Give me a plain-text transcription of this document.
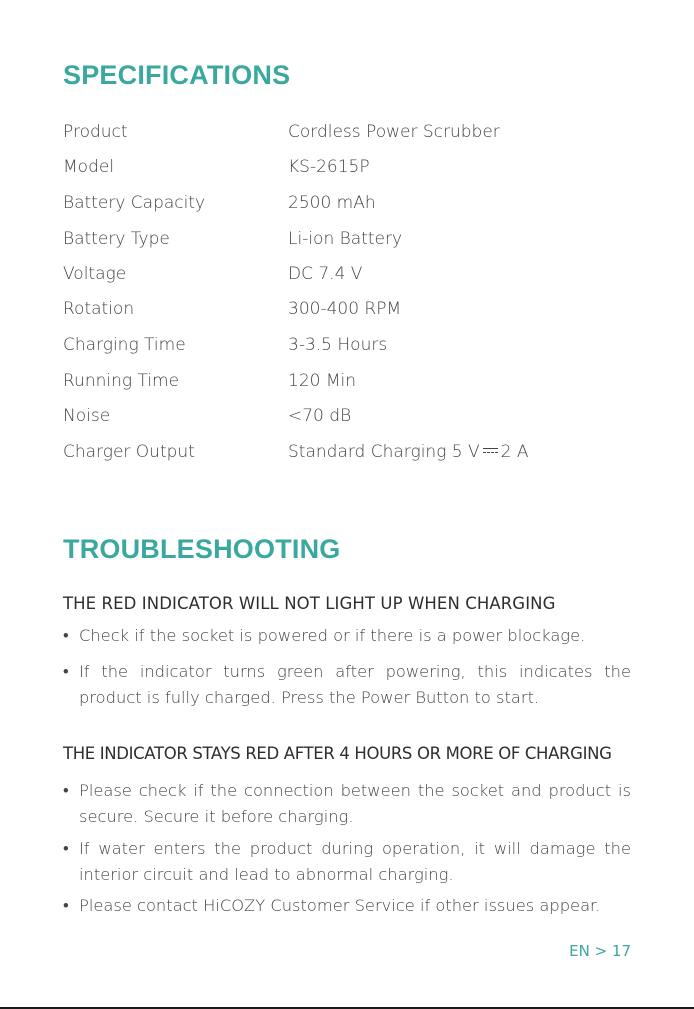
SPECIFICATIONS
Product	Cordless Power Scrubber
Model	KS-2615P
Battery Capacity	2500 mAh
Battery Type	Li-ion Battery
Voltage	DC 7.4 V
Rotation	300-400 RPM
Charging Time	3-3.5 Hours
Running Time	120 Min
Noise	<70 dB
Charger Output	Standard Charging 5 V 2 A
TROUBLESHOOTING
THE RED INDICATOR WILL NOT LIGHT UP WHEN CHARGING
• Check if the socket is powered or if there is a power blockage.
• If the indicator turns green after powering, this indicates the product is fully charged. Press the Power Button to start.
THE INDICATOR STAYS RED AFTER 4 HOURS OR MORE OF CHARGING
• Please check if the connection between the socket and product is secure. Secure it before charging.
• If water enters the product during operation, it will damage the interior circuit and lead to abnormal charging.
• Please contact HiCOZY Customer Service if other issues appear.
EN > 17
